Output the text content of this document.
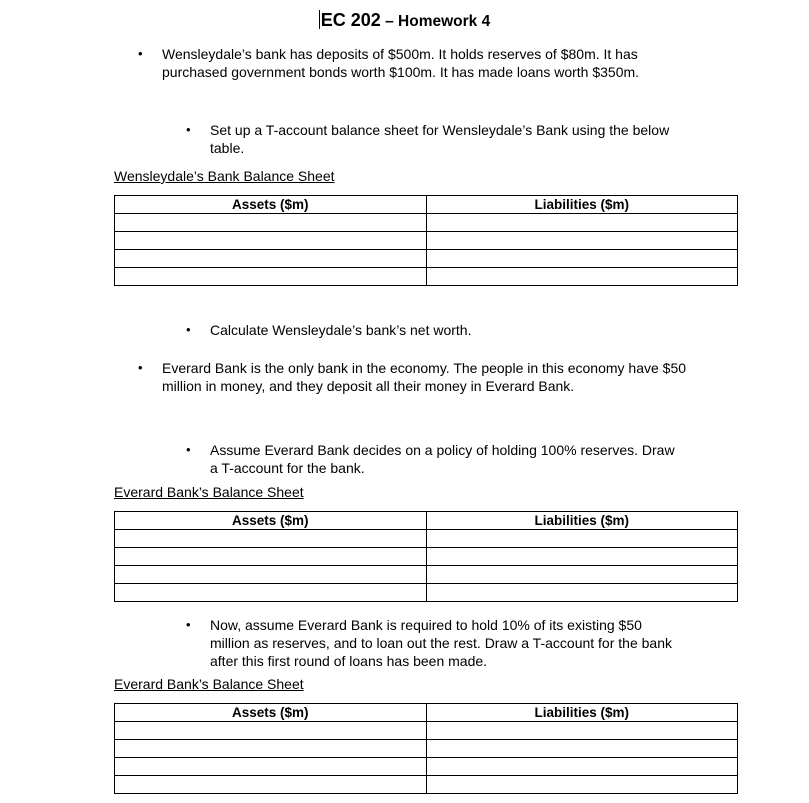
EC 202 – Homework 4
• Wensleydale’s bank has deposits of $500m. It holds reserves of $80m. It has purchased government bonds worth $100m. It has made loans worth $350m.
• Set up a T-account balance sheet for Wensleydale’s Bank using the below table.
Wensleydale’s Bank Balance Sheet
Assets ($m)	Liabilities ($m)

• Calculate Wensleydale’s bank’s net worth.
• Everard Bank is the only bank in the economy. The people in this economy have $50 million in money, and they deposit all their money in Everard Bank.
• Assume Everard Bank decides on a policy of holding 100% reserves. Draw a T-account for the bank.
Everard Bank’s Balance Sheet
Assets ($m)	Liabilities ($m)

• Now, assume Everard Bank is required to hold 10% of its existing $50 million as reserves, and to loan out the rest. Draw a T-account for the bank after this first round of loans has been made.
Everard Bank’s Balance Sheet
Assets ($m)	Liabilities ($m)
